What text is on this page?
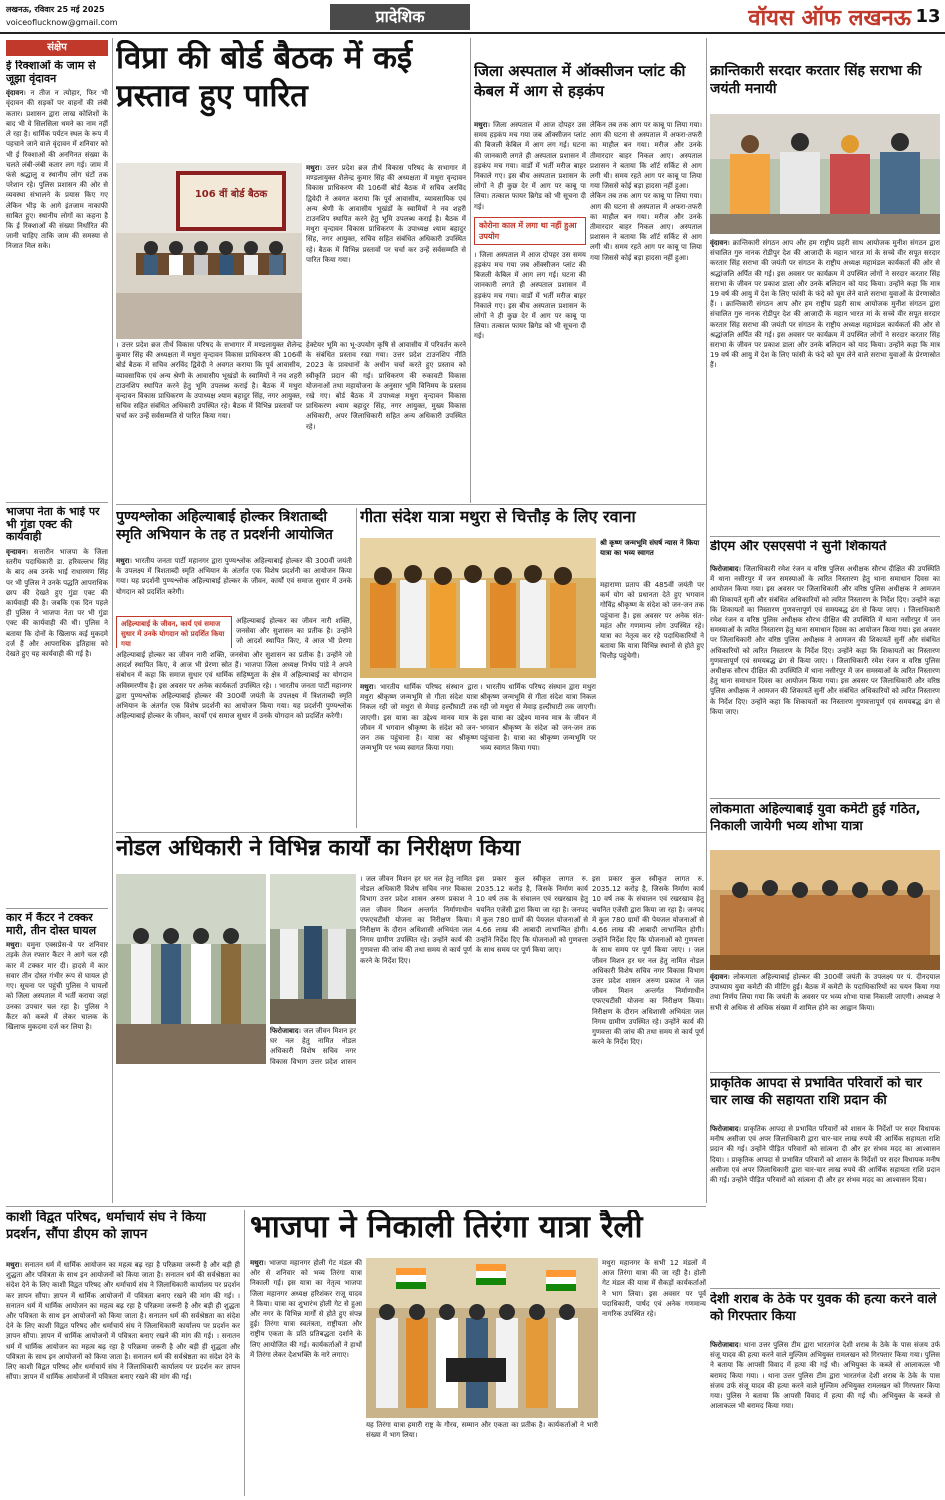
लखनऊ, रविवार 25 मई 2025
voiceoflucknow@gmail.com	प्रादेशिक	वॉयस ऑफ लखनऊ 13
संक्षेप
ई रिक्शाओं के जाम से जूझा वृंदावन
वृंदावन। न तीज न त्योहार, फिर भी वृंदावन की सड़कों पर वाहनों की लंबी कतार। प्रशासन द्वारा लाख कोशिशों के बाद भी ये सिलसिला थमने का नाम नहीं ले रहा है। धार्मिक पर्यटन स्थल के रूप में पहचाने जाने वाले वृंदावन में शनिवार को भी ई रिक्शाओं की अनगिनत संख्या के चलते लंबी-लंबी कतार लग गई। जाम में फंसे श्रद्धालु व स्थानीय लोग घंटों तक परेशान रहे। पुलिस प्रशासन की ओर से व्यवस्था संभालने के प्रयास किए गए लेकिन भीड़ के आगे इंतजाम नाकाफी साबित हुए। स्थानीय लोगों का कहना है कि ई रिक्शाओं की संख्या निर्धारित की जानी चाहिए ताकि जाम की समस्या से निजात मिल सके।
भाजपा नेता के भाई पर भी गुंडा एक्ट की कार्यवाही
वृन्दावन। सत्तारीन भाजपा के जिला स्तरीय पदाधिकारी डा. हरिवल्लभ सिंह के बाद अब उनके भाई राधारमण सिंह पर भी पुलिस ने उनके पद्धति आपराधिक छाप की देखते हुए गुंडा एक्ट की कार्यवाही की है। जबकि एक दिन पहले ही पुलिस ने भाजपा नेता पर भी गुंडा एक्ट की कार्यवाही की थी। पुलिस ने बताया कि दोनों के खिलाफ कई मुकदमे दर्ज हैं और आपराधिक इतिहास को देखते हुए यह कार्यवाही की गई है।
कार में कैंटर ने टक्कर मारी, तीन दोस्त घायल
मथुरा। यमुना एक्सप्रेस-वे पर शनिवार तड़के तेज रफ्तार कैंटर ने आगे चल रही कार में टक्कर मार दी। हादसे में कार सवार तीन दोस्त गंभीर रूप से घायल हो गए। सूचना पर पहुंची पुलिस ने घायलों को जिला अस्पताल में भर्ती कराया जहां उनका उपचार चल रहा है। पुलिस ने कैंटर को कब्जे में लेकर चालक के खिलाफ मुकदमा दर्ज कर लिया है।
विप्रा की बोर्ड बैठक में कई प्रस्ताव हुए पारित
106 वीं बोर्ड बैठक
मथुरा। उत्तर प्रदेश ब्रज तीर्थ विकास परिषद के सभागार में मण्डलायुक्त शैलेन्द्र कुमार सिंह की अध्यक्षता में मथुरा वृन्दावन विकास प्राधिकरण की 106वीं बोर्ड बैठक में सचिव अरविंद द्विवेदी ने अवगत कराया कि पूर्व आवासीय, व्यावसायिक एवं अन्य श्रेणी के आवासीय भूखंडों के स्वामियों ने नव शहरी टाउनशिप स्थापित करने हेतु भूमि उपलब्ध कराई है। बैठक में मथुरा वृन्दावन विकास प्राधिकरण के उपाध्यक्ष श्याम बहादुर सिंह, नगर आयुक्त, सचिव सहित संबंधित अधिकारी उपस्थित रहे। बैठक में विभिन्न प्रस्तावों पर चर्चा कर उन्हें सर्वसम्मति से पारित किया गया।
। उत्तर प्रदेश ब्रज तीर्थ विकास परिषद के सभागार में मण्डलायुक्त शैलेन्द्र कुमार सिंह की अध्यक्षता में मथुरा वृन्दावन विकास प्राधिकरण की 106वीं बोर्ड बैठक में सचिव अरविंद द्विवेदी ने अवगत कराया कि पूर्व आवासीय, व्यावसायिक एवं अन्य श्रेणी के आवासीय भूखंडों के स्वामियों ने नव शहरी टाउनशिप स्थापित करने हेतु भूमि उपलब्ध कराई है। बैठक में मथुरा वृन्दावन विकास प्राधिकरण के उपाध्यक्ष श्याम बहादुर सिंह, नगर आयुक्त, सचिव सहित संबंधित अधिकारी उपस्थित रहे। बैठक में विभिन्न प्रस्तावों पर चर्चा कर उन्हें सर्वसम्मति से पारित किया गया।
हेक्टेयर भूमि का भू-उपयोग कृषि से आवासीय में परिवर्तन करने के संबंधित प्रस्ताव रखा गया। उत्तर प्रदेश टाउनशिप नीति 2023 के प्रावधानों के अधीन चर्चा करते हुए प्रस्ताव को स्वीकृति प्रदान की गई। प्राधिकरण की रुकावटी विकास योजनाओं तथा महायोजना के अनुसार भूमि विनिमय के प्रस्ताव रखे गए। बोर्ड बैठक में उपाध्यक्ष मथुरा वृन्दावन विकास प्राधिकरण श्याम बहादुर सिंह, नगर आयुक्त, मुख्य विकास अधिकारी, अपर जिलाधिकारी सहित अन्य अधिकारी उपस्थित रहे।
जिला अस्पताल में ऑक्सीजन प्लांट की केबल में आग से हड़कंप
मथुरा। जिला अस्पताल में आज दोपहर उस समय हड़कंप मच गया जब ऑक्सीजन प्लांट की बिजली केबिल में आग लग गई। घटना की जानकारी लगते ही अस्पताल प्रशासन में हड़कंप मच गया। वार्डों में भर्ती मरीज बाहर निकाले गए। इस बीच अस्पताल प्रशासन के लोगों ने ही कुछ देर में आग पर काबू पा लिया। तत्काल फायर ब्रिगेड को भी सूचना दी गई।
कोरोना काल में लगा था नहीं हुआ उपयोग
। जिला अस्पताल में आज दोपहर उस समय हड़कंप मच गया जब ऑक्सीजन प्लांट की बिजली केबिल में आग लग गई। घटना की जानकारी लगते ही अस्पताल प्रशासन में हड़कंप मच गया। वार्डों में भर्ती मरीज बाहर निकाले गए। इस बीच अस्पताल प्रशासन के लोगों ने ही कुछ देर में आग पर काबू पा लिया। तत्काल फायर ब्रिगेड को भी सूचना दी गई।
लेकिन तब तक आग पर काबू पा लिया गया। आग की घटना से अस्पताल में अफरा-तफरी का माहौल बन गया। मरीज और उनके तीमारदार बाहर निकल आए। अस्पताल प्रशासन ने बताया कि शॉर्ट सर्किट से आग लगी थी। समय रहते आग पर काबू पा लिया गया जिससे कोई बड़ा हादसा नहीं हुआ।
लेकिन तब तक आग पर काबू पा लिया गया। आग की घटना से अस्पताल में अफरा-तफरी का माहौल बन गया। मरीज और उनके तीमारदार बाहर निकल आए। अस्पताल प्रशासन ने बताया कि शॉर्ट सर्किट से आग लगी थी। समय रहते आग पर काबू पा लिया गया जिससे कोई बड़ा हादसा नहीं हुआ।
क्रान्तिकारी सरदार करतार सिंह सराभा की जयंती मनायी
वृंदावन। क्रान्तिकारी संगठन आप और हम राष्ट्रीय प्रहरी साथ आयोजक मुनीश संगठन द्वारा संचालित गुरु नानक रोडीपुर देश की आजादी के महान भारत मां के सच्चे वीर सपूत सरदार करतार सिंह सराभा की जयंती पर संगठन के राष्ट्रीय अध्यक्ष महामंडल कार्यकर्ता की ओर से श्रद्धांजलि अर्पित की गई। इस अवसर पर कार्यक्रम में उपस्थित लोगों ने सरदार करतार सिंह सराभा के जीवन पर प्रकाश डाला और उनके बलिदान को याद किया। उन्होंने कहा कि मात्र 19 वर्ष की आयु में देश के लिए फांसी के फंदे को चूम लेने वाले सराभा युवाओं के प्रेरणास्रोत हैं। । क्रान्तिकारी संगठन आप और हम राष्ट्रीय प्रहरी साथ आयोजक मुनीश संगठन द्वारा संचालित गुरु नानक रोडीपुर देश की आजादी के महान भारत मां के सच्चे वीर सपूत सरदार करतार सिंह सराभा की जयंती पर संगठन के राष्ट्रीय अध्यक्ष महामंडल कार्यकर्ता की ओर से श्रद्धांजलि अर्पित की गई। इस अवसर पर कार्यक्रम में उपस्थित लोगों ने सरदार करतार सिंह सराभा के जीवन पर प्रकाश डाला और उनके बलिदान को याद किया। उन्होंने कहा कि मात्र 19 वर्ष की आयु में देश के लिए फांसी के फंदे को चूम लेने वाले सराभा युवाओं के प्रेरणास्रोत हैं।
डीएम और एसएसपी ने सुनीं शिकायतें
फिरोजाबाद। जिलाधिकारी रमेश रंजन व वरिष्ठ पुलिस अधीक्षक सौरभ दीक्षित की उपस्थिति में थाना नसीरपुर में जन समस्याओं के त्वरित निस्तारण हेतु थाना समाधान दिवस का आयोजन किया गया। इस अवसर पर जिलाधिकारी और वरिष्ठ पुलिस अधीक्षक ने आमजन की शिकायतें सुनीं और संबंधित अधिकारियों को त्वरित निस्तारण के निर्देश दिए। उन्होंने कहा कि शिकायतों का निस्तारण गुणवत्तापूर्ण एवं समयबद्ध ढंग से किया जाए। । जिलाधिकारी रमेश रंजन व वरिष्ठ पुलिस अधीक्षक सौरभ दीक्षित की उपस्थिति में थाना नसीरपुर में जन समस्याओं के त्वरित निस्तारण हेतु थाना समाधान दिवस का आयोजन किया गया। इस अवसर पर जिलाधिकारी और वरिष्ठ पुलिस अधीक्षक ने आमजन की शिकायतें सुनीं और संबंधित अधिकारियों को त्वरित निस्तारण के निर्देश दिए। उन्होंने कहा कि शिकायतों का निस्तारण गुणवत्तापूर्ण एवं समयबद्ध ढंग से किया जाए। । जिलाधिकारी रमेश रंजन व वरिष्ठ पुलिस अधीक्षक सौरभ दीक्षित की उपस्थिति में थाना नसीरपुर में जन समस्याओं के त्वरित निस्तारण हेतु थाना समाधान दिवस का आयोजन किया गया। इस अवसर पर जिलाधिकारी और वरिष्ठ पुलिस अधीक्षक ने आमजन की शिकायतें सुनीं और संबंधित अधिकारियों को त्वरित निस्तारण के निर्देश दिए। उन्होंने कहा कि शिकायतों का निस्तारण गुणवत्तापूर्ण एवं समयबद्ध ढंग से किया जाए।
लोकमाता अहिल्याबाई युवा कमेटी हुई गठित, निकाली जायेगी भव्य शोभा यात्रा
वृंदावन। लोकमाता अहिल्याबाई होल्कर की 300वीं जयंती के उपलक्ष्य पर पं. दीनदयाल उपाध्याय युवा कमेटी की मीटिंग हुई। बैठक में कमेटी के पदाधिकारियों का चयन किया गया तथा निर्णय लिया गया कि जयंती के अवसर पर भव्य शोभा यात्रा निकाली जाएगी। अध्यक्ष ने सभी से अधिक से अधिक संख्या में शामिल होने का आह्वान किया।
पुण्यश्लोका अहिल्याबाई होल्कर त्रिशताब्दी स्मृति अभियान के तह त प्रदर्शनी आयोजित
मथुरा। भारतीय जनता पार्टी महानगर द्वारा पुण्यश्लोक अहिल्याबाई होल्कर की 300वीं जयंती के उपलक्ष्य में त्रिशताब्दी स्मृति अभियान के अंतर्गत एक विशेष प्रदर्शनी का आयोजन किया गया। यह प्रदर्शनी पुण्यश्लोक अहिल्याबाई होल्कर के जीवन, कार्यों एवं समाज सुधार में उनके योगदान को प्रदर्शित करेगी।
अहिल्याबाई के जीवन, कार्य एवं समाज सुधार में उनके योगदान को प्रदर्शित किया गया
अहिल्याबाई होल्कर का जीवन नारी शक्ति, जनसेवा और सुशासन का प्रतीक है। उन्होंने जो आदर्श स्थापित किए, वे आज भी प्रेरणा
अहिल्याबाई होल्कर का जीवन नारी शक्ति, जनसेवा और सुशासन का प्रतीक है। उन्होंने जो आदर्श स्थापित किए, वे आज भी प्रेरणा स्रोत हैं। भाजपा जिला अध्यक्ष निर्भय पांडे ने अपने संबोधन में कहा कि समाज सुधार एवं धार्मिक सहिष्णुता के क्षेत्र में अहिल्याबाई का योगदान अविस्मरणीय है। इस अवसर पर अनेक कार्यकर्ता उपस्थित रहे। । भारतीय जनता पार्टी महानगर द्वारा पुण्यश्लोक अहिल्याबाई होल्कर की 300वीं जयंती के उपलक्ष्य में त्रिशताब्दी स्मृति अभियान के अंतर्गत एक विशेष प्रदर्शनी का आयोजन किया गया। यह प्रदर्शनी पुण्यश्लोक अहिल्याबाई होल्कर के जीवन, कार्यों एवं समाज सुधार में उनके योगदान को प्रदर्शित करेगी।
गीता संदेश यात्रा मथुरा से चित्तौड़ के लिए रवाना
श्री कृष्ण जन्मभूमि संघर्ष न्यास ने किया यात्रा का भव्य स्वागत
महाराणा प्रताप की 485वीं जयंती पर कर्म योग को प्रधानता देते हुए भगवान गोविंद्र श्रीकृष्ण के संदेश को जन-जन तक पहुंचाना है। इस अवसर पर अनेक संत-महंत और गणमान्य लोग उपस्थित रहे। यात्रा का नेतृत्व कर रहे पदाधिकारियों ने बताया कि यात्रा विभिन्न स्थानों से होते हुए चित्तौड़ पहुंचेगी।
मथुरा। भारतीय धार्मिक परिषद संस्थान द्वारा मथुरा श्रीकृष्ण जन्मभूमि से गीता संदेश यात्रा निकल रही जो मथुरा से मेवाड़ हल्दीघाटी तक जाएगी। इस यात्रा का उद्देश्य मानव मात्र के जीवन में भगवान श्रीकृष्ण के संदेश को जन-जन तक पहुंचाना है। यात्रा का श्रीकृष्ण जन्मभूमि पर भव्य स्वागत किया गया।
। भारतीय धार्मिक परिषद संस्थान द्वारा मथुरा श्रीकृष्ण जन्मभूमि से गीता संदेश यात्रा निकल रही जो मथुरा से मेवाड़ हल्दीघाटी तक जाएगी। इस यात्रा का उद्देश्य मानव मात्र के जीवन में भगवान श्रीकृष्ण के संदेश को जन-जन तक पहुंचाना है। यात्रा का श्रीकृष्ण जन्मभूमि पर भव्य स्वागत किया गया।
नोडल अधिकारी ने विभिन्न कार्यों का निरीक्षण किया
फिरोजाबाद। जल जीवन मिशन हर घर नल हेतु नामित नोडल अधिकारी विशेष सचिव नगर विकास विभाग उत्तर प्रदेश शासन
। जल जीवन मिशन हर घर नल हेतु नामित नोडल अधिकारी विशेष सचिव नगर विकास विभाग उत्तर प्रदेश शासन अरुण प्रकाश ने जल जीवन मिशन अन्तर्गत निर्माणाधीन एफएचटीसी योजना का निरीक्षण किया। निरीक्षण के दौरान अधिशासी अभियंता जल निगम ग्रामीण उपस्थित रहे। उन्होंने कार्य की गुणवत्ता की जांच की तथा समय से कार्य पूर्ण करने के निर्देश दिए।
इस प्रकार कुल स्वीकृत लागत रु. 2035.12 करोड़ है, जिसके निर्माण कार्य 10 वर्ष तक के संचालन एवं रखरखाव हेतु चयनित एजेंसी द्वारा किया जा रहा है। जनपद में कुल 780 ग्रामों की पेयजल योजनाओं से 4.66 लाख की आबादी लाभान्वित होगी। उन्होंने निर्देश दिए कि योजनाओं को गुणवत्ता के साथ समय पर पूर्ण किया जाए।
इस प्रकार कुल स्वीकृत लागत रु. 2035.12 करोड़ है, जिसके निर्माण कार्य 10 वर्ष तक के संचालन एवं रखरखाव हेतु चयनित एजेंसी द्वारा किया जा रहा है। जनपद में कुल 780 ग्रामों की पेयजल योजनाओं से 4.66 लाख की आबादी लाभान्वित होगी। उन्होंने निर्देश दिए कि योजनाओं को गुणवत्ता के साथ समय पर पूर्ण किया जाए। । जल जीवन मिशन हर घर नल हेतु नामित नोडल अधिकारी विशेष सचिव नगर विकास विभाग उत्तर प्रदेश शासन अरुण प्रकाश ने जल जीवन मिशन अन्तर्गत निर्माणाधीन एफएचटीसी योजना का निरीक्षण किया। निरीक्षण के दौरान अधिशासी अभियंता जल निगम ग्रामीण उपस्थित रहे। उन्होंने कार्य की गुणवत्ता की जांच की तथा समय से कार्य पूर्ण करने के निर्देश दिए।
काशी विद्वत परिषद, धर्माचार्य संघ ने किया प्रदर्शन, सौंपा डीएम को ज्ञापन
मथुरा। सनातन धर्म में धार्मिक आयोजन का महत्व बढ़ रहा है परिक्रमा जरूरी है और बड़ी ही शुद्धता और पवित्रता के साथ इन आयोजनों को किया जाता है। सनातन धर्म की सर्वश्रेष्ठता का संदेश देने के लिए काशी विद्वत परिषद और धर्माचार्य संघ ने जिलाधिकारी कार्यालय पर प्रदर्शन कर ज्ञापन सौंपा। ज्ञापन में धार्मिक आयोजनों में पवित्रता बनाए रखने की मांग की गई। । सनातन धर्म में धार्मिक आयोजन का महत्व बढ़ रहा है परिक्रमा जरूरी है और बड़ी ही शुद्धता और पवित्रता के साथ इन आयोजनों को किया जाता है। सनातन धर्म की सर्वश्रेष्ठता का संदेश देने के लिए काशी विद्वत परिषद और धर्माचार्य संघ ने जिलाधिकारी कार्यालय पर प्रदर्शन कर ज्ञापन सौंपा। ज्ञापन में धार्मिक आयोजनों में पवित्रता बनाए रखने की मांग की गई। । सनातन धर्म में धार्मिक आयोजन का महत्व बढ़ रहा है परिक्रमा जरूरी है और बड़ी ही शुद्धता और पवित्रता के साथ इन आयोजनों को किया जाता है। सनातन धर्म की सर्वश्रेष्ठता का संदेश देने के लिए काशी विद्वत परिषद और धर्माचार्य संघ ने जिलाधिकारी कार्यालय पर प्रदर्शन कर ज्ञापन सौंपा। ज्ञापन में धार्मिक आयोजनों में पवित्रता बनाए रखने की मांग की गई।
भाजपा ने निकाली तिरंगा यात्रा रैली
मथुरा। भाजपा महानगर होली गेट मंडल की ओर से शनिवार को भव्य तिरंगा यात्रा निकाली गई। इस यात्रा का नेतृत्व भाजपा जिला महानगर अध्यक्ष हरिशंकर राजू यादव ने किया। यात्रा का शुभारंभ होली गेट से हुआ और नगर के विभिन्न मार्गों से होते हुए संपन्न हुई। तिरंगा यात्रा स्वतंत्रता, राष्ट्रीयता और राष्ट्रीय एकता के प्रति प्रतिबद्धता दर्शाने के लिए आयोजित की गई। कार्यकर्ताओं ने हाथों में तिरंगा लेकर देशभक्ति के नारे लगाए।
यह तिरंगा यात्रा हमारी राष्ट्र के गौरव, सम्मान और एकता का प्रतीक है। कार्यकर्ताओं ने भारी संख्या में भाग लिया।
मथुरा महानगर के सभी 12 मंडलों में आज तिरंगा यात्रा की जा रही है। होली गेट मंडल की यात्रा में सैकड़ों कार्यकर्ताओं ने भाग लिया। इस अवसर पर पूर्व पदाधिकारी, पार्षद एवं अनेक गणमान्य नागरिक उपस्थित रहे।
प्राकृतिक आपदा से प्रभावित परिवारों को चार चार लाख की सहायता राशि प्रदान की
फिरोजाबाद। प्राकृतिक आपदा से प्रभावित परिवारों को शासन के निर्देशों पर सदर विधायक मनीष असीजा एवं अपर जिलाधिकारी द्वारा चार-चार लाख रुपये की आर्थिक सहायता राशि प्रदान की गई। उन्होंने पीड़ित परिवारों को सांत्वना दी और हर संभव मदद का आश्वासन दिया। । प्राकृतिक आपदा से प्रभावित परिवारों को शासन के निर्देशों पर सदर विधायक मनीष असीजा एवं अपर जिलाधिकारी द्वारा चार-चार लाख रुपये की आर्थिक सहायता राशि प्रदान की गई। उन्होंने पीड़ित परिवारों को सांत्वना दी और हर संभव मदद का आश्वासन दिया।
देशी शराब के ठेके पर युवक की हत्या करने वाले को गिरफ्तार किया
फिरोजाबाद। थाना उत्तर पुलिस टीम द्वारा भारतगंज देशी शराब के ठेके के पास संजय उर्फ संजू यादव की हत्या करने वाले मुल्जिम अभियुक्त रामलखन को गिरफ्तार किया गया। पुलिस ने बताया कि आपसी विवाद में हत्या की गई थी। अभियुक्त के कब्जे से आलाकत्ल भी बरामद किया गया। । थाना उत्तर पुलिस टीम द्वारा भारतगंज देशी शराब के ठेके के पास संजय उर्फ संजू यादव की हत्या करने वाले मुल्जिम अभियुक्त रामलखन को गिरफ्तार किया गया। पुलिस ने बताया कि आपसी विवाद में हत्या की गई थी। अभियुक्त के कब्जे से आलाकत्ल भी बरामद किया गया।
